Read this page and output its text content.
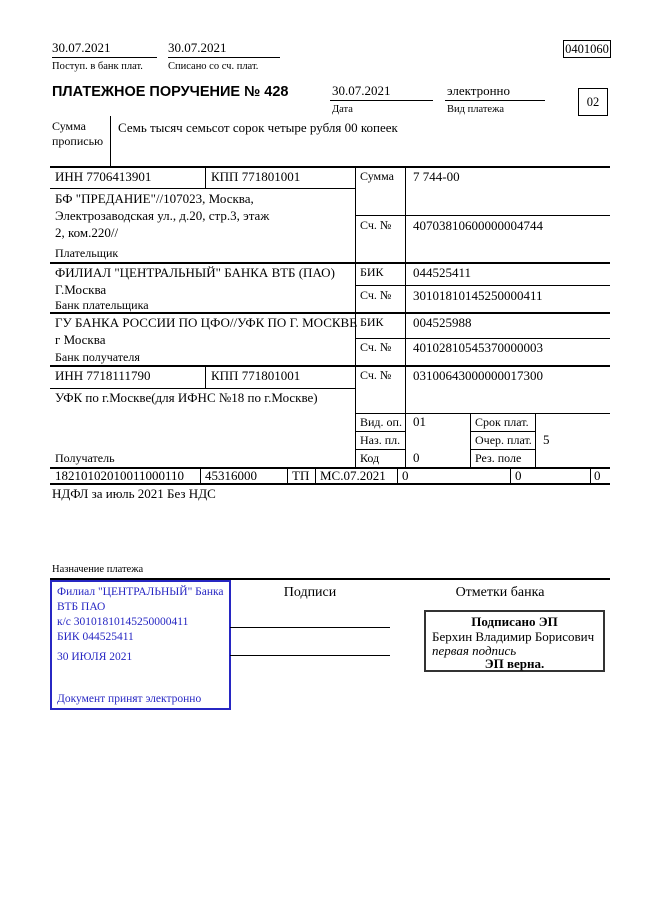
30.07.2021
Поступ. в банк плат.
30.07.2021
Списано со сч. плат.
0401060
ПЛАТЕЖНОЕ ПОРУЧЕНИЕ № 428	30.07.2021
Дата
электронно
Вид платежа
02
Сумма
прописью
Семь тысяч семьсот сорок четыре рубля 00 копеек
ИНН 7706413901	КПП 771801001	Сумма 7 744-00
БФ "ПРЕДАНИЕ"//107023, Москва,
Электрозаводская ул., д.20, стр.3, этаж
2, ком.220//	Сч. № 40703810600000004744
Плательщик
ФИЛИАЛ "ЦЕНТРАЛЬНЫЙ" БАНКА ВТБ (ПАО)
Г.Москва
Банк плательщика
БИК 044525411
Сч. № 30101810145250000411
ГУ БАНКА РОССИИ ПО ЦФО//УФК ПО Г. МОСКВЕ
г Москва
Банк получателя
БИК 004525988
Сч. № 40102810545370000003
ИНН 7718111790	КПП 771801001	Сч. № 03100643000000017300
УФК по г.Москве(для ИФНС №18 по г.Москве)
Получатель
Вид. оп. 01	Срок плат.
Наз. пл.	Очер. плат. 5
Код	0	Рез. поле
18210102010011000110 45316000	ТП МС.07.2021 0	0	0
НДФЛ за июль 2021 Без НДС
Назначение платежа
Филиал "ЦЕНТРАЛЬНЫЙ" Банка
ВТБ ПАО
к/с 30101810145250000411
БИК 044525411
30 ИЮЛЯ 2021
Документ принят электронно
Подписи	Отметки банка
Подписано ЭП
Берхин Владимир Борисович
первая подпись
ЭП верна.
